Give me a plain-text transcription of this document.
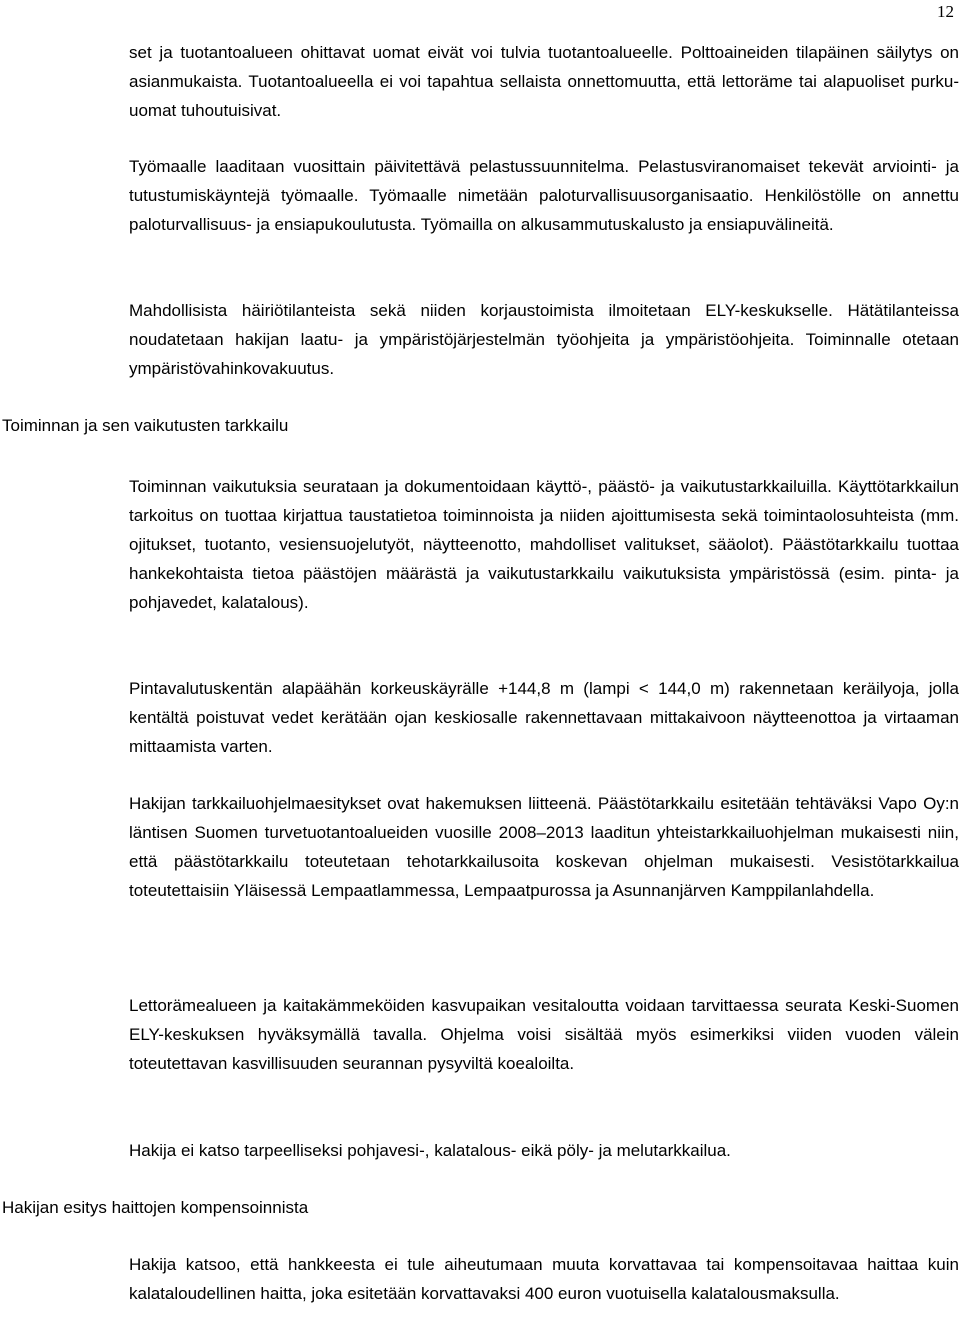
12

set ja tuotantoalueen ohittavat uomat eivät voi tulvia tuotantoalueelle. Polttoaineiden tilapäinen säilytys on asianmukaista. Tuotantoalueella ei voi tapahtua sellaista onnettomuutta, että lettoräme tai alapuoliset purku-uomat tuhoutuisivat.

Työmaalle laaditaan vuosittain päivitettävä pelastussuunnitelma. Pelastusviranomaiset tekevät arviointi- ja tutustumiskäyntejä työmaalle. Työmaalle nimetään paloturvallisuusorganisaatio. Henkilöstölle on annettu paloturvallisuus- ja ensiapukoulutusta. Työmailla on alkusammutuskalusto ja ensiapuvälineitä.

Mahdollisista häiriötilanteista sekä niiden korjaustoimista ilmoitetaan ELY-keskukselle. Hätätilanteissa noudatetaan hakijan laatu- ja ympäristöjärjestelmän työohjeita ja ympäristöohjeita. Toiminnalle otetaan ympäristövahinkovakuutus.

Toiminnan ja sen vaikutusten tarkkailu

Toiminnan vaikutuksia seurataan ja dokumentoidaan käyttö-, päästö- ja vaikutustarkkailuilla. Käyttötarkkailun tarkoitus on tuottaa kirjattua taustatietoa toiminnoista ja niiden ajoittumisesta sekä toimintaolosuhteista (mm. ojitukset, tuotanto, vesiensuojelutyöt, näytteenotto, mahdolliset valitukset, sääolot). Päästötarkkailu tuottaa hankekohtaista tietoa päästöjen määrästä ja vaikutustarkkailu vaikutuksista ympäristössä (esim. pinta- ja pohjavedet, kalatalous).

Pintavalutuskentän alapäähän korkeuskäyrälle +144,8 m (lampi < 144,0 m) rakennetaan keräilyoja, jolla kentältä poistuvat vedet kerätään ojan keskiosalle rakennettavaan mittakaivoon näytteenottoa ja virtaaman mittaamista varten.

Hakijan tarkkailuohjelmaesitykset ovat hakemuksen liitteenä. Päästötarkkailu esitetään tehtäväksi Vapo Oy:n läntisen Suomen turvetuotantoalueiden vuosille 2008–2013 laaditun yhteistarkkailuohjelman mukaisesti niin, että päästötarkkailu toteutetaan tehotarkkailusoita koskevan ohjelman mukaisesti. Vesistötarkkailua toteutettaisiin Yläisessä Lempaatlammessa, Lempaatpurossa ja Asunnanjärven Kamppilanlahdella.

Lettorämealueen ja kaitakämmeköiden kasvupaikan vesitaloutta voidaan tarvittaessa seurata Keski-Suomen ELY-keskuksen hyväksymällä tavalla. Ohjelma voisi sisältää myös esimerkiksi viiden vuoden välein toteutettavan kasvillisuuden seurannan pysyviltä koealoilta.

Hakija ei katso tarpeelliseksi pohjavesi-, kalatalous- eikä pöly- ja melutarkkailua.

Hakijan esitys haittojen kompensoinnista

Hakija katsoo, että hankkeesta ei tule aiheutumaan muuta korvattavaa tai kompensoitavaa haittaa kuin kalataloudellinen haitta, joka esitetään korvattavaksi 400 euron vuotuisella kalatalousmaksulla.
